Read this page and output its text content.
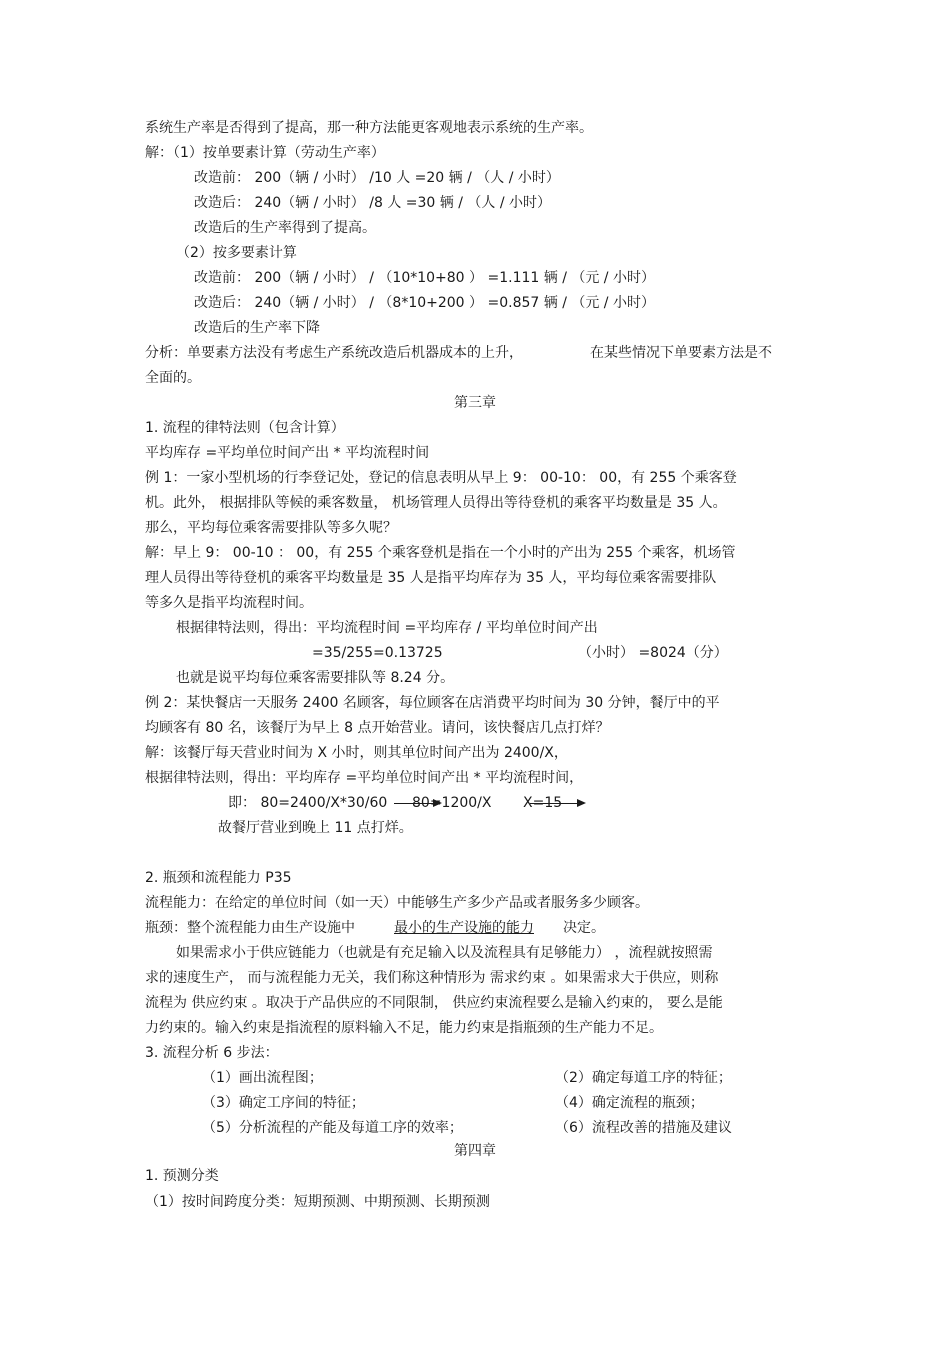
系统生产率是否得到了提高，那一种方法能更客观地表示系统的生产率。
解：（1）按单要素计算（劳动生产率）
改造前： 200（辆 / 小时） /10 人 =20 辆 / （人 / 小时）
改造后： 240（辆 / 小时） /8 人 =30 辆 / （人 / 小时）
改造后的生产率得到了提高。
（2）按多要素计算
改造前： 200（辆 / 小时） / （10*10+80 ） =1.111 辆 / （元 / 小时）
改造后： 240（辆 / 小时） / （8*10+200 ） =0.857 辆 / （元 / 小时）
改造后的生产率下降
分析：单要素方法没有考虑生产系统改造后机器成本的上升，	在某些情况下单要素方法是不
全面的。
第三章
1. 流程的律特法则（包含计算）
平均库存 =平均单位时间产出 * 平均流程时间
例 1：一家小型机场的行李登记处，登记的信息表明从早上 9： 00-10： 00，有 255 个乘客登
机。此外， 根据排队等候的乘客数量， 机场管理人员得出等待登机的乘客平均数量是 35 人。
那么，平均每位乘客需要排队等多久呢？
解：早上 9： 00-10 ： 00，有 255 个乘客登机是指在一个小时的产出为 255 个乘客，机场管
理人员得出等待登机的乘客平均数量是 35 人是指平均库存为 35 人，平均每位乘客需要排队
等多久是指平均流程时间。
根据律特法则，得出：平均流程时间 =平均库存 / 平均单位时间产出
=35/255=0.13725	（小时） =8024（分）
也就是说平均每位乘客需要排队等 8.24 分。
例 2：某快餐店一天服务 2400 名顾客，每位顾客在店消费平均时间为 30 分钟，餐厅中的平
均顾客有 80 名，该餐厅为早上 8 点开始营业。请问，该快餐店几点打烊？
解：该餐厅每天营业时间为 X 小时，则其单位时间产出为 2400/X，
根据律特法则，得出：平均库存 =平均单位时间产出 * 平均流程时间，
即： 80=2400/X*30/60 80=1200/X X=15
故餐厅营业到晚上 11 点打烊。
2. 瓶颈和流程能力 P35
流程能力：在给定的单位时间（如一天）中能够生产多少产品或者服务多少顾客。
瓶颈：整个流程能力由生产设施中	最小的生产设施的能力 决定。
如果需求小于供应链能力（也就是有充足输入以及流程具有足够能力） ，流程就按照需
求的速度生产， 而与流程能力无关，我们称这种情形为 需求约束 。如果需求大于供应，则称
流程为 供应约束 。取决于产品供应的不同限制， 供应约束流程要么是输入约束的， 要么是能
力约束的。输入约束是指流程的原料输入不足，能力约束是指瓶颈的生产能力不足。
3. 流程分析 6 步法：
（1）画出流程图；	（2）确定每道工序的特征；
（3）确定工序间的特征；	（4）确定流程的瓶颈；
（5）分析流程的产能及每道工序的效率；	（6）流程改善的措施及建议
第四章
1. 预测分类
（1）按时间跨度分类：短期预测、中期预测、长期预测
